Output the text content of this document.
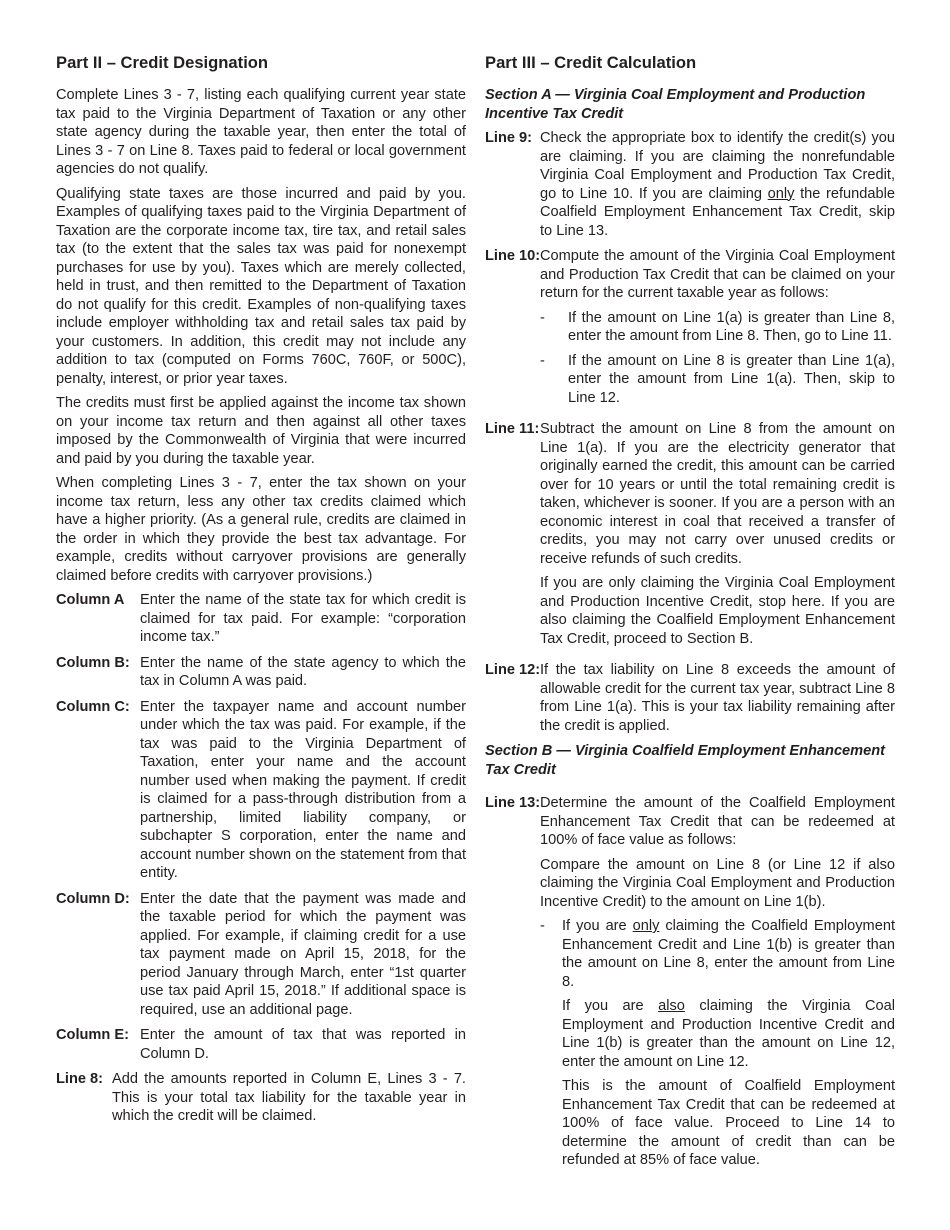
Part II – Credit Designation

Complete Lines 3 - 7, listing each qualifying current year state tax paid to the Virginia Department of Taxation or any other state agency during the taxable year, then enter the total of Lines 3 - 7 on Line 8. Taxes paid to federal or local government agencies do not qualify.

Qualifying state taxes are those incurred and paid by you. Examples of qualifying taxes paid to the Virginia Department of Taxation are the corporate income tax, tire tax, and retail sales tax (to the extent that the sales tax was paid for nonexempt purchases for use by you). Taxes which are merely collected, held in trust, and then remitted to the Department of Taxation do not qualify for this credit. Examples of non-qualifying taxes include employer withholding tax and retail sales tax paid by your customers. In addition, this credit may not include any addition to tax (computed on Forms 760C, 760F, or 500C), penalty, interest, or prior year taxes.

The credits must first be applied against the income tax shown on your income tax return and then against all other taxes imposed by the Commonwealth of Virginia that were incurred and paid by you during the taxable year.

When completing Lines 3 - 7, enter the tax shown on your income tax return, less any other tax credits claimed which have a higher priority. (As a general rule, credits are claimed in the order in which they provide the best tax advantage. For example, credits without carryover provisions are generally claimed before credits with carryover provisions.)

Column A	Enter the name of the state tax for which credit is claimed for tax paid. For example: “corporation income tax.”
Column B: Enter the name of the state agency to which the tax in Column A was paid.
Column C: Enter the taxpayer name and account number under which the tax was paid. For example, if the tax was paid to the Virginia Department of Taxation, enter your name and the account number used when making the payment. If credit is claimed for a pass-through distribution from a partnership, limited liability company, or subchapter S corporation, enter the name and account number shown on the statement from that entity.
Column D: Enter the date that the payment was made and the taxable period for which the payment was applied. For example, if claiming credit for a use tax payment made on April 15, 2018, for the period January through March, enter “1st quarter use tax paid April 15, 2018.” If additional space is required, use an additional page.
Column E: Enter the amount of tax that was reported in Column D.
Line 8: Add the amounts reported in Column E, Lines 3 - 7. This is your total tax liability for the taxable year in which the credit will be claimed.
Part III – Credit Calculation
Section A — Virginia Coal Employment and Production Incentive Tax Credit
Line 9: Check the appropriate box to identify the credit(s) you are claiming. If you are claiming the nonrefundable Virginia Coal Employment and Production Tax Credit, go to Line 10. If you are claiming only the refundable Coalfield Employment Enhancement Tax Credit, skip to Line 13.
Line 10: Compute the amount of the Virginia Coal Employment and Production Tax Credit that can be claimed on your return for the current taxable year as follows:

-	If the amount on Line 1(a) is greater than Line 8, enter the amount from Line 8. Then, go to Line 11.
-	If the amount on Line 8 is greater than Line 1(a), enter the amount from Line 1(a). Then, skip to Line 12.
Line 11: Subtract the amount on Line 8 from the amount on Line 1(a). If you are the electricity generator that originally earned the credit, this amount can be carried over for 10 years or until the total remaining credit is taken, whichever is sooner. If you are a person with an economic interest in coal that received a transfer of credits, you may not carry over unused credits or receive refunds of such credits.

If you are only claiming the Virginia Coal Employment and Production Incentive Credit, stop here. If you are also claiming the Coalfield Employment Enhancement Tax Credit, proceed to Section B.

Line 12: If the tax liability on Line 8 exceeds the amount of allowable credit for the current tax year, subtract Line 8 from Line 1(a). This is your tax liability remaining after the credit is applied.
Section B — Virginia Coalfield Employment Enhancement Tax Credit
Line 13: Determine the amount of the Coalfield Employment Enhancement Tax Credit that can be redeemed at 100% of face value as follows:

Compare the amount on Line 8 (or Line 12 if also claiming the Virginia Coal Employment and Production Incentive Credit) to the amount on Line 1(b).

-	If you are only claiming the Coalfield Employment Enhancement Credit and Line 1(b) is greater than the amount on Line 8, enter the amount from Line 8.

If you are also claiming the Virginia Coal Employment and Production Incentive Credit and Line 1(b) is greater than the amount on Line 12, enter the amount on Line 12.

This is the amount of Coalfield Employment Enhancement Tax Credit that can be redeemed at 100% of face value. Proceed to Line 14 to determine the amount of credit than can be refunded at 85% of face value.
